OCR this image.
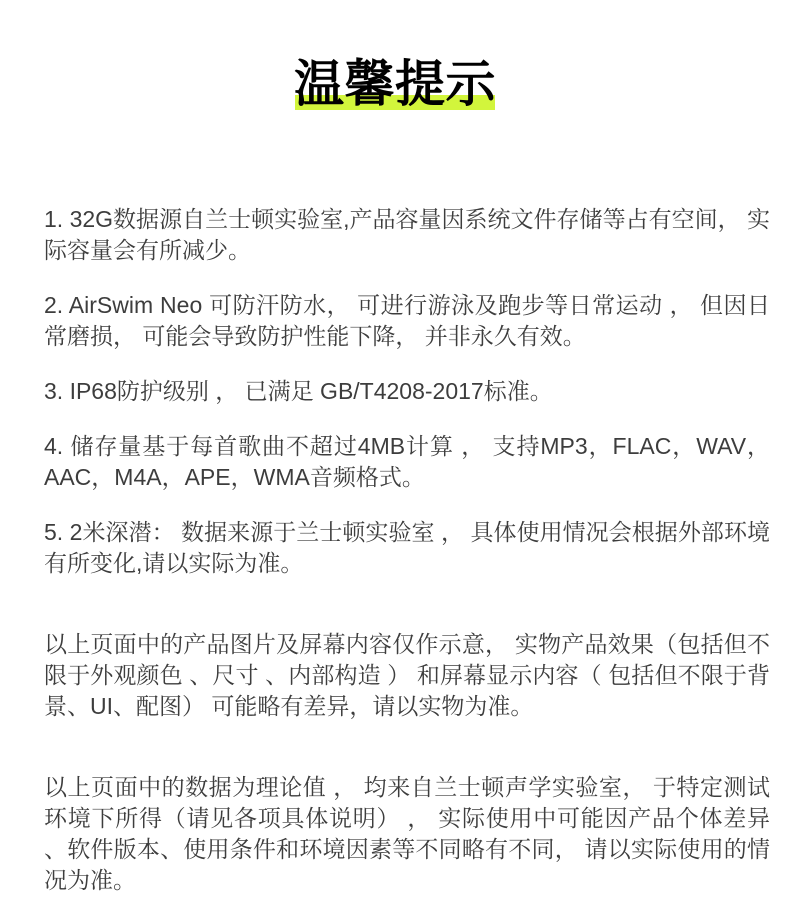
温馨提示

1. 32G数据源自兰士顿实验室,产品容量因系统文件存储等占有空间， 实际容量会有所减少。

2. AirSwim Neo 可防汗防水， 可进行游泳及跑步等日常运动 ， 但因日常磨损， 可能会导致防护性能下降， 并非永久有效。

3. IP68防护级别 ， 已满足 GB/T4208-2017标准。

4. 储存量基于每首歌曲不超过4MB计算 ， 支持MP3，FLAC，WAV，AAC，M4A，APE，WMA音频格式。

5. 2米深潜： 数据来源于兰士顿实验室 ， 具体使用情况会根据外部环境有所变化,请以实际为准。

以上页面中的产品图片及屏幕内容仅作示意， 实物产品效果（包括但不限于外观颜色 、尺寸 、内部构造 ） 和屏幕显示内容（ 包括但不限于背景、UI、配图） 可能略有差异，请以实物为准。

以上页面中的数据为理论值 ， 均来自兰士顿声学实验室， 于特定测试环境下所得（请见各项具体说明） ， 实际使用中可能因产品个体差异 、软件版本、使用条件和环境因素等不同略有不同， 请以实际使用的情况为准。
